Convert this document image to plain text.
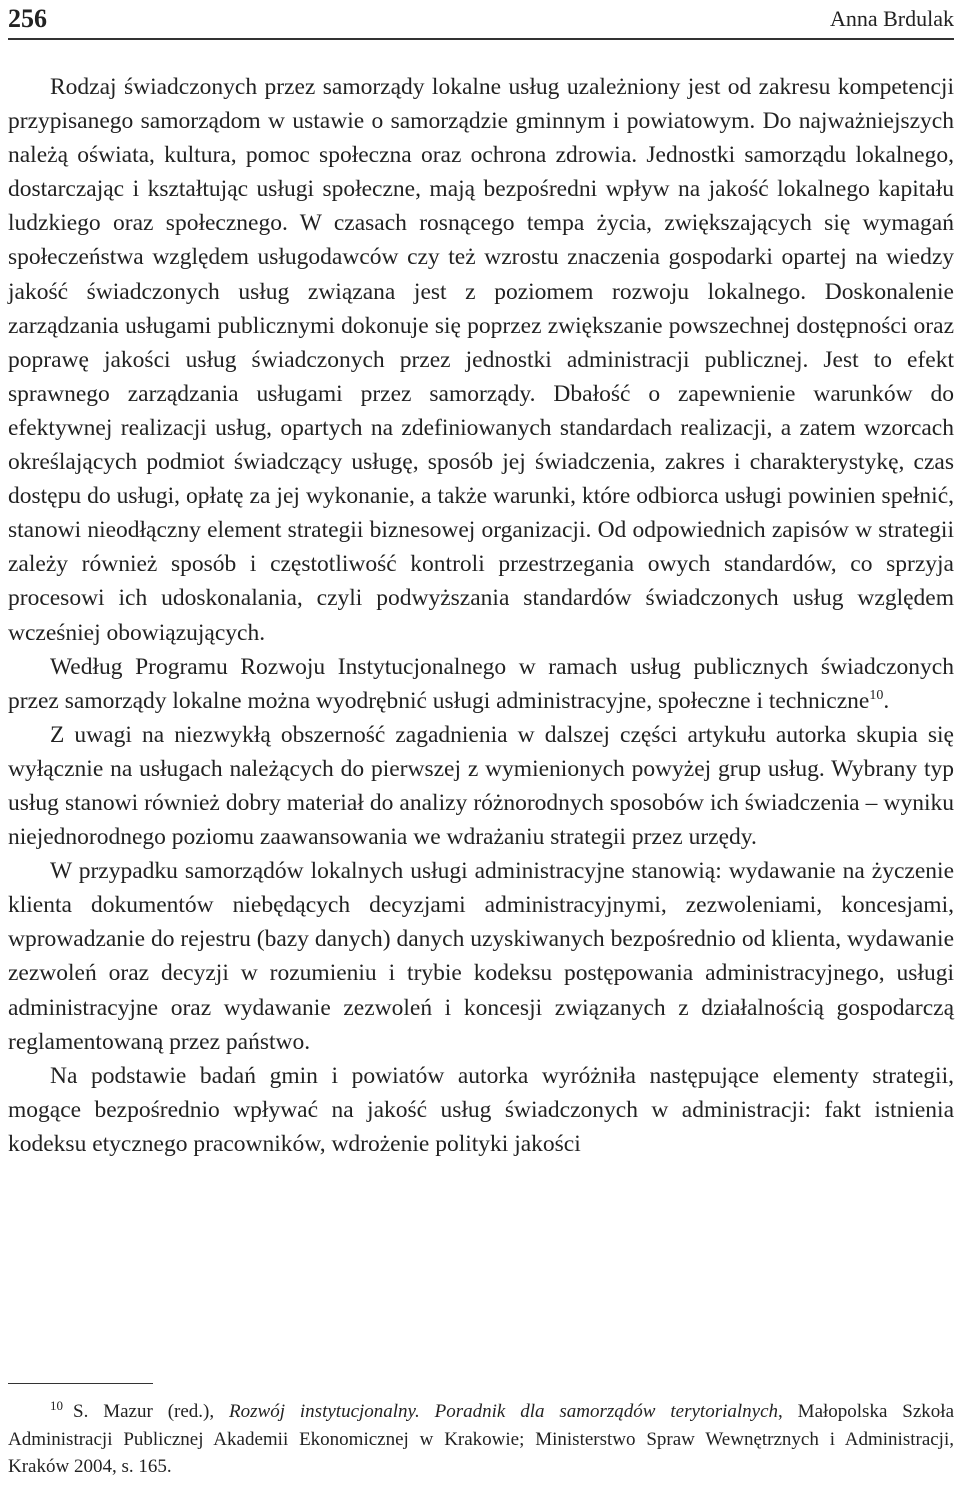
256	Anna Brdulak

Rodzaj świadczonych przez samorządy lokalne usług uzależniony jest od zakresu kompetencji przypisanego samorządom w ustawie o samorządzie gminnym i powiatowym. Do najważniejszych należą oświata, kultura, pomoc społeczna oraz ochrona zdrowia. Jednostki samorządu lokalnego, dostarczając i kształtując usługi społeczne, mają bezpośredni wpływ na jakość lokalnego kapitału ludzkiego oraz społecznego. W czasach rosnącego tempa życia, zwiększających się wymagań społeczeństwa względem usługodawców czy też wzrostu znaczenia gospodarki opartej na wiedzy jakość świadczonych usług związana jest z poziomem rozwoju lokalnego. Doskonalenie zarządzania usługami publicznymi dokonuje się poprzez zwiększanie powszechnej dostępności oraz poprawę jakości usług świadczonych przez jednostki administracji publicznej. Jest to efekt sprawnego zarządzania usługami przez samorządy. Dbałość o zapewnienie warunków do efektywnej realizacji usług, opartych na zdefiniowanych standardach realizacji, a zatem wzorcach określających podmiot świadczący usługę, sposób jej świadczenia, zakres i charakterystykę, czas dostępu do usługi, opłatę za jej wykonanie, a także warunki, które odbiorca usługi powinien spełnić, stanowi nieodłączny element strategii biznesowej organizacji. Od odpowiednich zapisów w strategii zależy również sposób i częstotliwość kontroli przestrzegania owych standardów, co sprzyja procesowi ich udoskonalania, czyli podwyższania standardów świadczonych usług względem wcześniej obowiązujących.

Według Programu Rozwoju Instytucjonalnego w ramach usług publicznych świadczonych przez samorządy lokalne można wyodrębnić usługi administracyjne, społeczne i techniczne$^{10}$.

Z uwagi na niezwykłą obszerność zagadnienia w dalszej części artykułu autorka skupia się wyłącznie na usługach należących do pierwszej z wymienionych powyżej grup usług. Wybrany typ usług stanowi również dobry materiał do analizy różnorodnych sposobów ich świadczenia – wyniku niejednorodnego poziomu zaawansowania we wdrażaniu strategii przez urzędy.

W przypadku samorządów lokalnych usługi administracyjne stanowią: wydawanie na życzenie klienta dokumentów niebędących decyzjami administracyjnymi, zezwoleniami, koncesjami, wprowadzanie do rejestru (bazy danych) danych uzyskiwanych bezpośrednio od klienta, wydawanie zezwoleń oraz decyzji w rozumieniu i trybie kodeksu postępowania administracyjnego, usługi administracyjne oraz wydawanie zezwoleń i koncesji związanych z działalnością gospodarczą reglamentowaną przez państwo.

Na podstawie badań gmin i powiatów autorka wyróżniła następujące elementy strategii, mogące bezpośrednio wpływać na jakość usług świadczonych w administracji: fakt istnienia kodeksu etycznego pracowników, wdrożenie polityki jakości

$^{10}$ S. Mazur (red.), Rozwój instytucjonalny. Poradnik dla samorządów terytorialnych, Małopolska Szkoła Administracji Publicznej Akademii Ekonomicznej w Krakowie; Ministerstwo Spraw Wewnętrznych i Administracji, Kraków 2004, s. 165.
